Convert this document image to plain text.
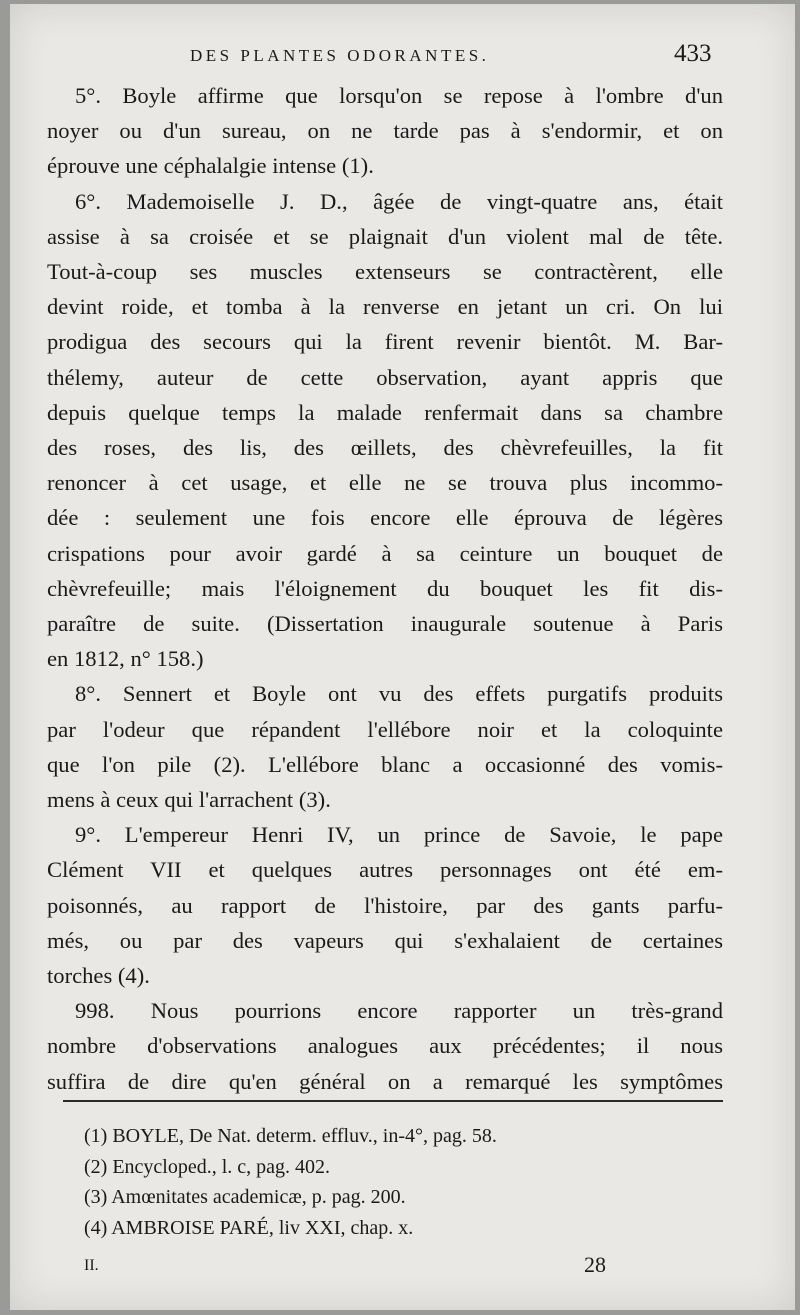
DES PLANTES ODORANTES.	433

5°. Boyle affirme que lorsqu'on se repose à l'ombre d'un
noyer ou d'un sureau, on ne tarde pas à s'endormir, et on
éprouve une céphalalgie intense (1).

6°. Mademoiselle J. D., âgée de vingt-quatre ans, était
assise à sa croisée et se plaignait d'un violent mal de tête.
Tout-à-coup ses muscles extenseurs se contractèrent, elle
devint roide, et tomba à la renverse en jetant un cri. On lui
prodigua des secours qui la firent revenir bientôt. M. Bar-
thélemy, auteur de cette observation, ayant appris que
depuis quelque temps la malade renfermait dans sa chambre
des roses, des lis, des œillets, des chèvrefeuilles, la fit
renoncer à cet usage, et elle ne se trouva plus incommo-
dée : seulement une fois encore elle éprouva de légères
crispations pour avoir gardé à sa ceinture un bouquet de
chèvrefeuille; mais l'éloignement du bouquet les fit dis-
paraître de suite. (Dissertation inaugurale soutenue à Paris
en 1812, n° 158.)

8°. Sennert et Boyle ont vu des effets purgatifs produits
par l'odeur que répandent l'ellébore noir et la coloquinte
que l'on pile (2). L'ellébore blanc a occasionné des vomis-
mens à ceux qui l'arrachent (3).

9°. L'empereur Henri IV, un prince de Savoie, le pape
Clément VII et quelques autres personnages ont été em-
poisonnés, au rapport de l'histoire, par des gants parfu-
més, ou par des vapeurs qui s'exhalaient de certaines
torches (4).

998. Nous pourrions encore rapporter un très-grand
nombre d'observations analogues aux précédentes; il nous
suffira de dire qu'en général on a remarqué les symptômes

(1) BOYLE, De Nat. determ. effluv., in-4°, pag. 58.
(2) Encycloped., l. c, pag. 402.
(3) Amœnitates academicæ, p. pag. 200.
(4) AMBROISE PARÉ, liv XXI, chap. x.
II.	28
